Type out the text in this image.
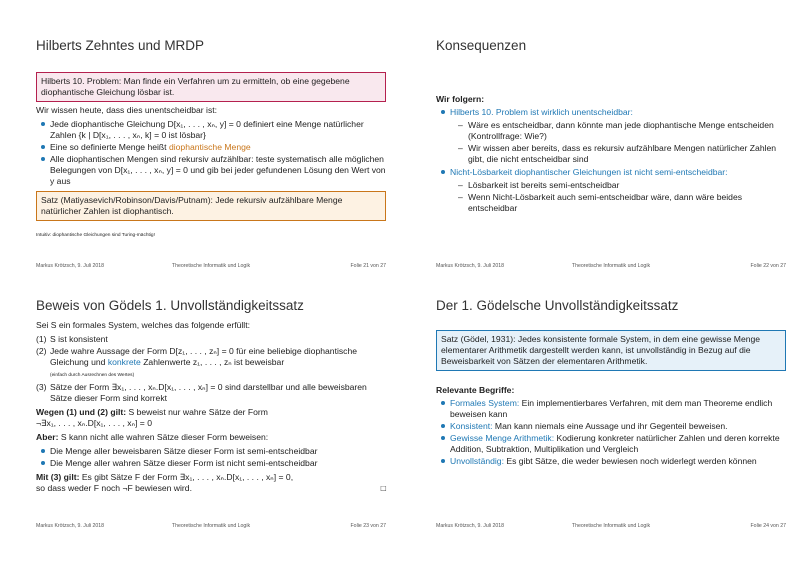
Hilberts Zehntes und MRDP
Hilberts 10. Problem: Man finde ein Verfahren um zu ermitteln, ob eine gegebene diophantische Gleichung lösbar ist.

Wir wissen heute, dass dies unentscheidbar ist:

Jede diophantische Gleichung D[x₁, . . . , xₙ, y] = 0 definiert eine Menge natürlicher Zahlen {k | D[x₁, . . . , xₙ, k] = 0 ist lösbar}
Eine so definierte Menge heißt diophantische Menge
Alle diophantischen Mengen sind rekursiv aufzählbar: teste systematisch alle möglichen Belegungen von D[x₁, . . . , xₙ, y] = 0 und gib bei jeder gefundenen Lösung den Wert von y aus
Satz (Matiyasevich/Robinson/Davis/Putnam): Jede rekursiv aufzählbare Menge natürlicher Zahlen ist diophantisch.

Intuitiv: diophantische Gleichungen sind Turing-mächtig!

Markus Krötzsch, 9. Juli 2018	Theoretische Informatik und Logik	Folie 21 von 27
Konsequenzen
Wir folgern:
Hilberts 10. Problem ist wirklich unentscheidbar:
– Wäre es entscheidbar, dann könnte man jede diophantische Menge entscheiden (Kontrollfrage: Wie?)
– Wir wissen aber bereits, dass es rekursiv aufzählbare Mengen natürlicher Zahlen gibt, die nicht entscheidbar sind
Nicht-Lösbarkeit diophantischer Gleichungen ist nicht semi-entscheidbar:
– Lösbarkeit ist bereits semi-entscheidbar
– Wenn Nicht-Lösbarkeit auch semi-entscheidbar wäre, dann wäre beides entscheidbar
Markus Krötzsch, 9. Juli 2018	Theoretische Informatik und Logik	Folie 22 von 27
Beweis von Gödels 1. Unvollständigkeitssatz

Sei S ein formales System, welches das folgende erfüllt:

(1) S ist konsistent
(2) Jede wahre Aussage der Form D[z₁, . . . , zₙ] = 0 für eine beliebige diophantische Gleichung und konkrete Zahlenwerte z₁, . . . , zₙ ist beweisbar
(einfach durch Ausrechnen des Wertes)
(3) Sätze der Form ∃x₁, . . . , xₙ.D[x₁, . . . , xₙ] = 0 sind darstellbar und alle beweisbaren Sätze dieser Form sind korrekt

Wegen (1) und (2) gilt: S beweist nur wahre Sätze der Form
¬∃x₁, . . . , xₙ.D[x₁, . . . , xₙ] = 0

Aber: S kann nicht alle wahren Sätze dieser Form beweisen:

Die Menge aller beweisbaren Sätze dieser Form ist semi-entscheidbar
Die Menge aller wahren Sätze dieser Form ist nicht semi-entscheidbar

Mit (3) gilt: Es gibt Sätze F der Form ∃x₁, . . . , xₙ.D[x₁, . . . , xₙ] = 0,
so dass weder F noch ¬F bewiesen wird.	□

Markus Krötzsch, 9. Juli 2018	Theoretische Informatik und Logik	Folie 23 von 27
Der 1. Gödelsche Unvollständigkeitssatz
Satz (Gödel, 1931): Jedes konsistente formale System, in dem eine gewisse Menge elementarer Arithmetik dargestellt werden kann, ist unvollständig in Bezug auf die Beweisbarkeit von Sätzen der elementaren Arithmetik.
Relevante Begriffe:
Formales System: Ein implementierbares Verfahren, mit dem man Theoreme endlich beweisen kann
Konsistent: Man kann niemals eine Aussage und ihr Gegenteil beweisen.
Gewisse Menge Arithmetik: Kodierung konkreter natürlicher Zahlen und deren korrekte Addition, Subtraktion, Multiplikation und Vergleich
Unvollständig: Es gibt Sätze, die weder bewiesen noch widerlegt werden können
Markus Krötzsch, 9. Juli 2018	Theoretische Informatik und Logik	Folie 24 von 27
